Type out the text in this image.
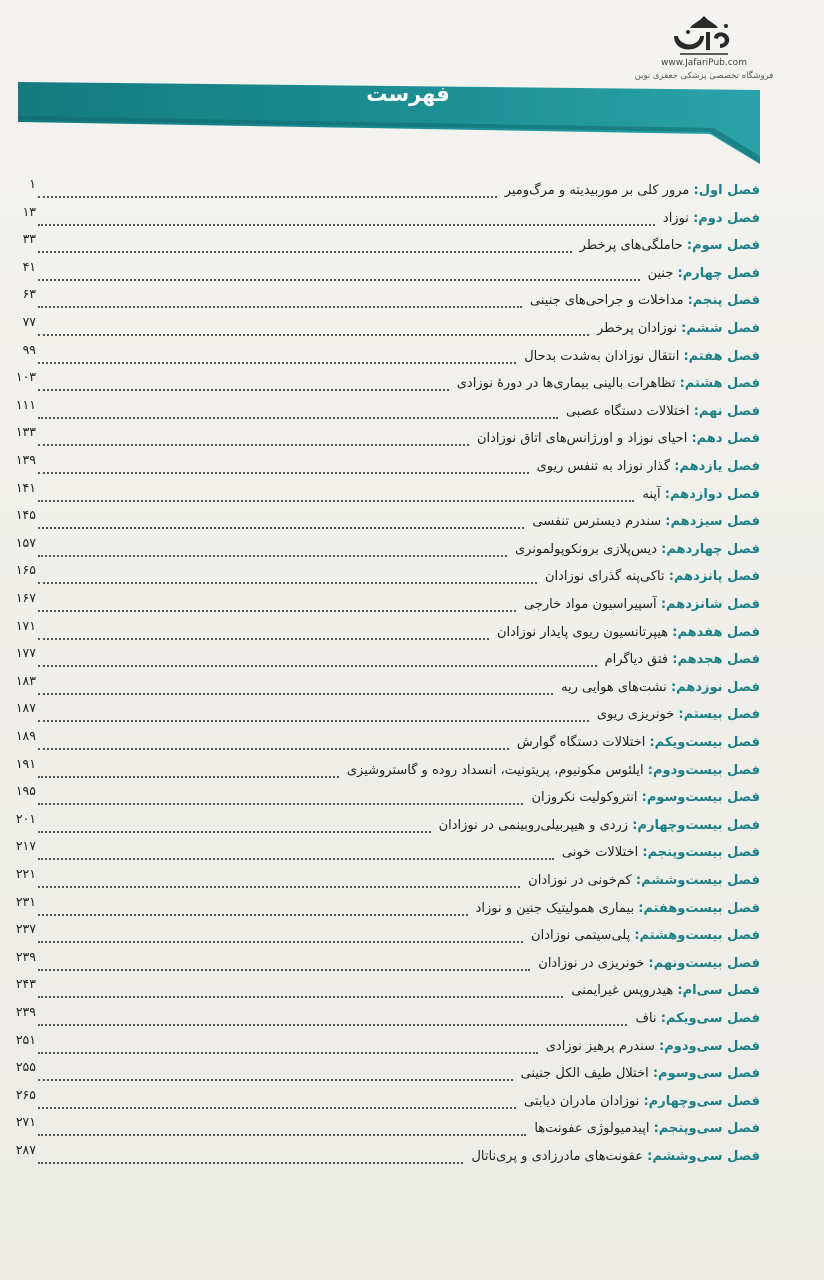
www.JafariPub.com
فروشگاه تخصصی پزشکی جعفری نوین
فهرست
۱	فصل اول: مرور کلی بر موربیدیته و مرگ‌ومیر
۱۳	فصل دوم: نوزاد
۳۳	فصل سوم: حاملگی‌های پرخطر
۴۱	فصل چهارم: جنین
۶۳	فصل پنجم: مداخلات و جراحی‌های جنینی
۷۷	فصل ششم: نوزادان پرخطر
۹۹	فصل هفتم: انتقال نوزادان به‌شدت بدحال
۱۰۳	فصل هشتم: تظاهرات بالینی بیماری‌ها در دورهٔ نوزادی
۱۱۱	فصل نهم: اختلالات دستگاه عصبی
۱۳۳	فصل دهم: احیای نوزاد و اورژانس‌های اتاق نوزادان
۱۳۹	فصل یازدهم: گذار نوزاد به تنفس ریوی
۱۴۱	فصل دوازدهم: آپنه
۱۴۵	فصل سیزدهم: سندرم دیسترس تنفسی
۱۵۷	فصل چهاردهم: دیس‌پلازی برونکوپولمونری
۱۶۵	فصل پانزدهم: تاکی‌پنه گذرای نوزادان
۱۶۷	فصل شانزدهم: آسپیراسیون مواد خارجی
۱۷۱	فصل هفدهم: هیپرتانسیون ریوی پایدار نوزادان
۱۷۷	فصل هجدهم: فتق دیاگرام
۱۸۳	فصل نوزدهم: نشت‌های هوایی ریه
۱۸۷	فصل بیستم: خونریزی ریوی
۱۸۹	فصل بیست‌ویکم: اختلالات دستگاه گوارش
۱۹۱	فصل بیست‌ودوم: ایلئوس مکونیوم، پریتونیت، انسداد روده و گاستروشیزی
۱۹۵	فصل بیست‌وسوم: انتروکولیت نکروزان
۲۰۱	فصل بیست‌وچهارم: زردی و هیپربیلی‌روبینمی در نوزادان
۲۱۷	فصل بیست‌وپنجم: اختلالات خونی
۲۲۱	فصل بیست‌وششم: کم‌خونی در نوزادان
۲۳۱	فصل بیست‌وهفتم: بیماری همولیتیک جنین و نوزاد
۲۳۷	فصل بیست‌وهشتم: پلی‌سیتمی نوزادان
۲۳۹	فصل بیست‌ونهم: خونریزی در نوزادان
۲۴۳	فصل سی‌ام: هیدروپس غیرایمنی
۲۳۹	فصل سی‌ویکم: ناف
۲۵۱	فصل سی‌ودوم: سندرم پرهیز نوزادی
۲۵۵	فصل سی‌وسوم: اختلال طیف الکل جنینی
۲۶۵	فصل سی‌وچهارم: نوزادان مادران دیابتی
۲۷۱	فصل سی‌وپنجم: اپیدمیولوژی عفونت‌ها
۲۸۷	فصل سی‌وششم: عفونت‌های مادرزادی و پری‌ناتال
